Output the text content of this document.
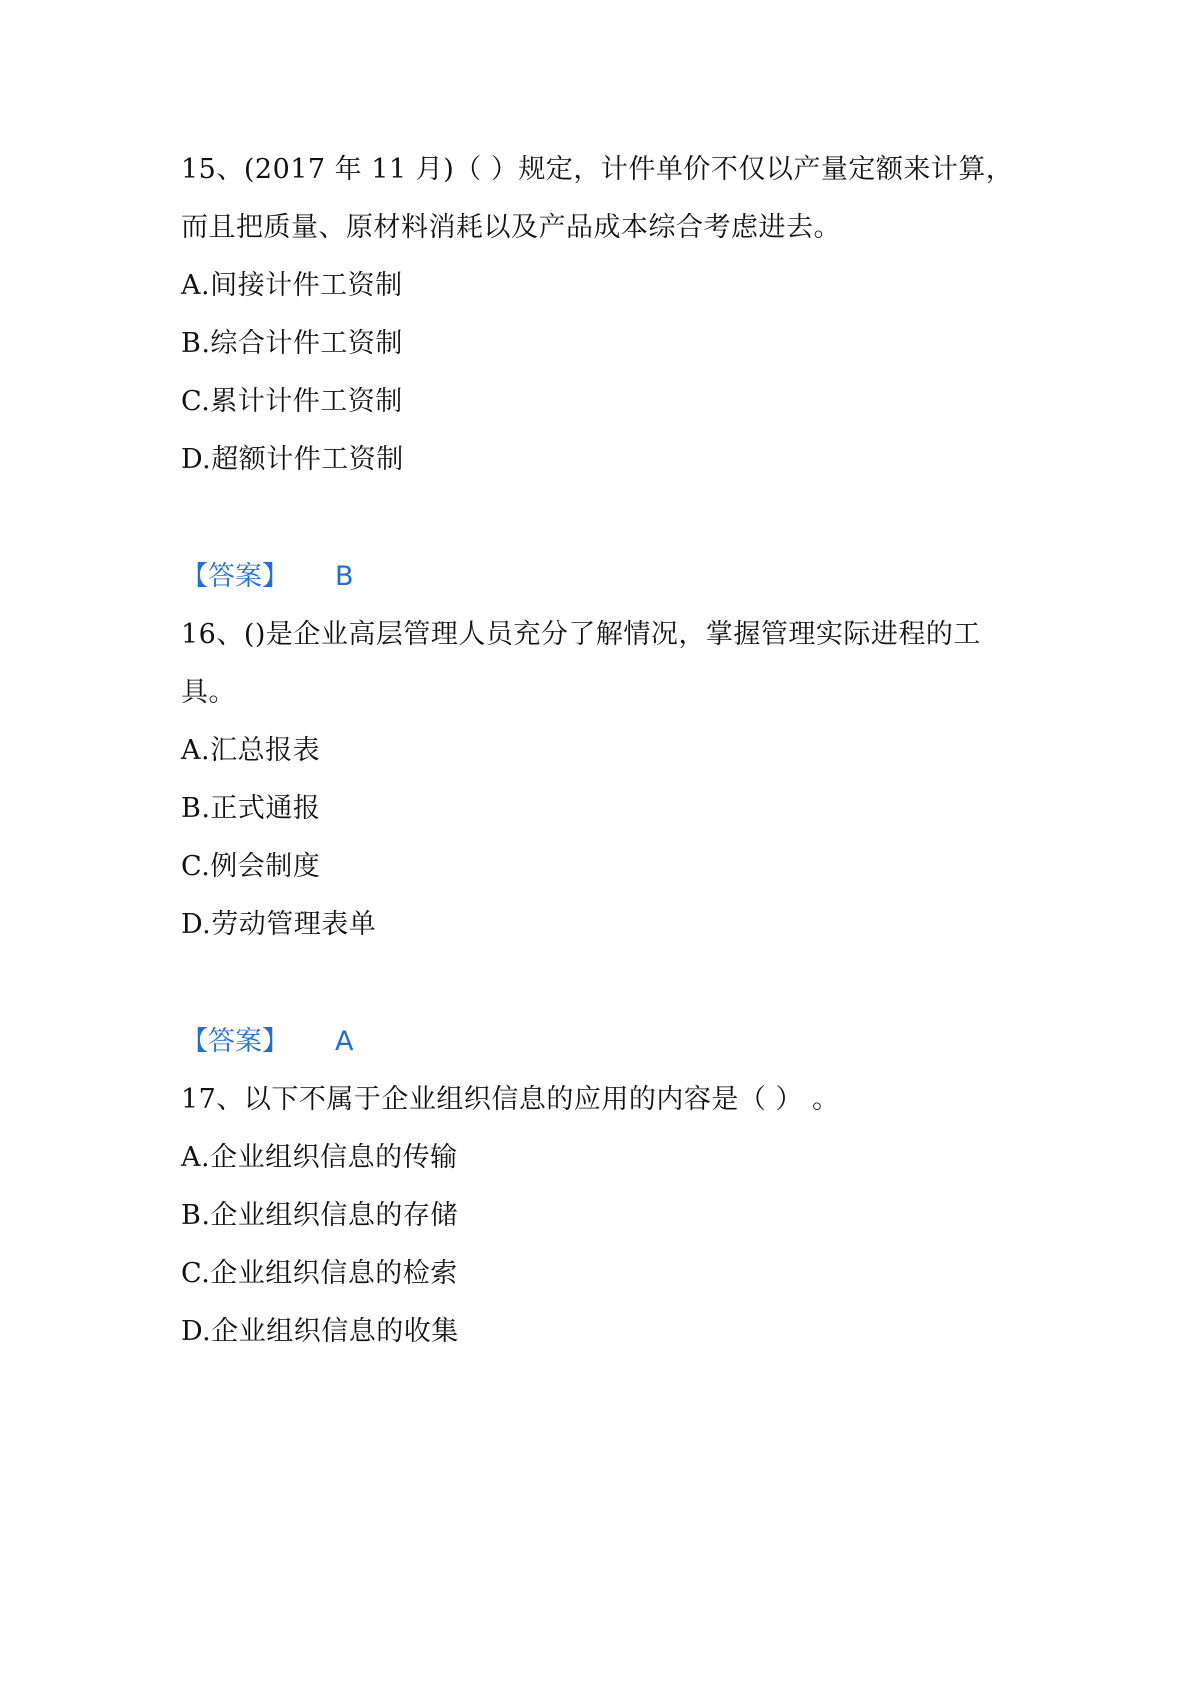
15、(2017 年 11 月)（ ）规定，计件单价不仅以产量定额来计算，
而且把质量、原材料消耗以及产品成本综合考虑进去。
A.间接计件工资制
B.综合计件工资制
C.累计计件工资制
D.超额计件工资制
【答案】 B
16、()是企业高层管理人员充分了解情况，掌握管理实际进程的工
具。
A.汇总报表
B.正式通报
C.例会制度
D.劳动管理表单
【答案】 A
17、以下不属于企业组织信息的应用的内容是（ ） 。
A.企业组织信息的传输
B.企业组织信息的存储
C.企业组织信息的检索
D.企业组织信息的收集
